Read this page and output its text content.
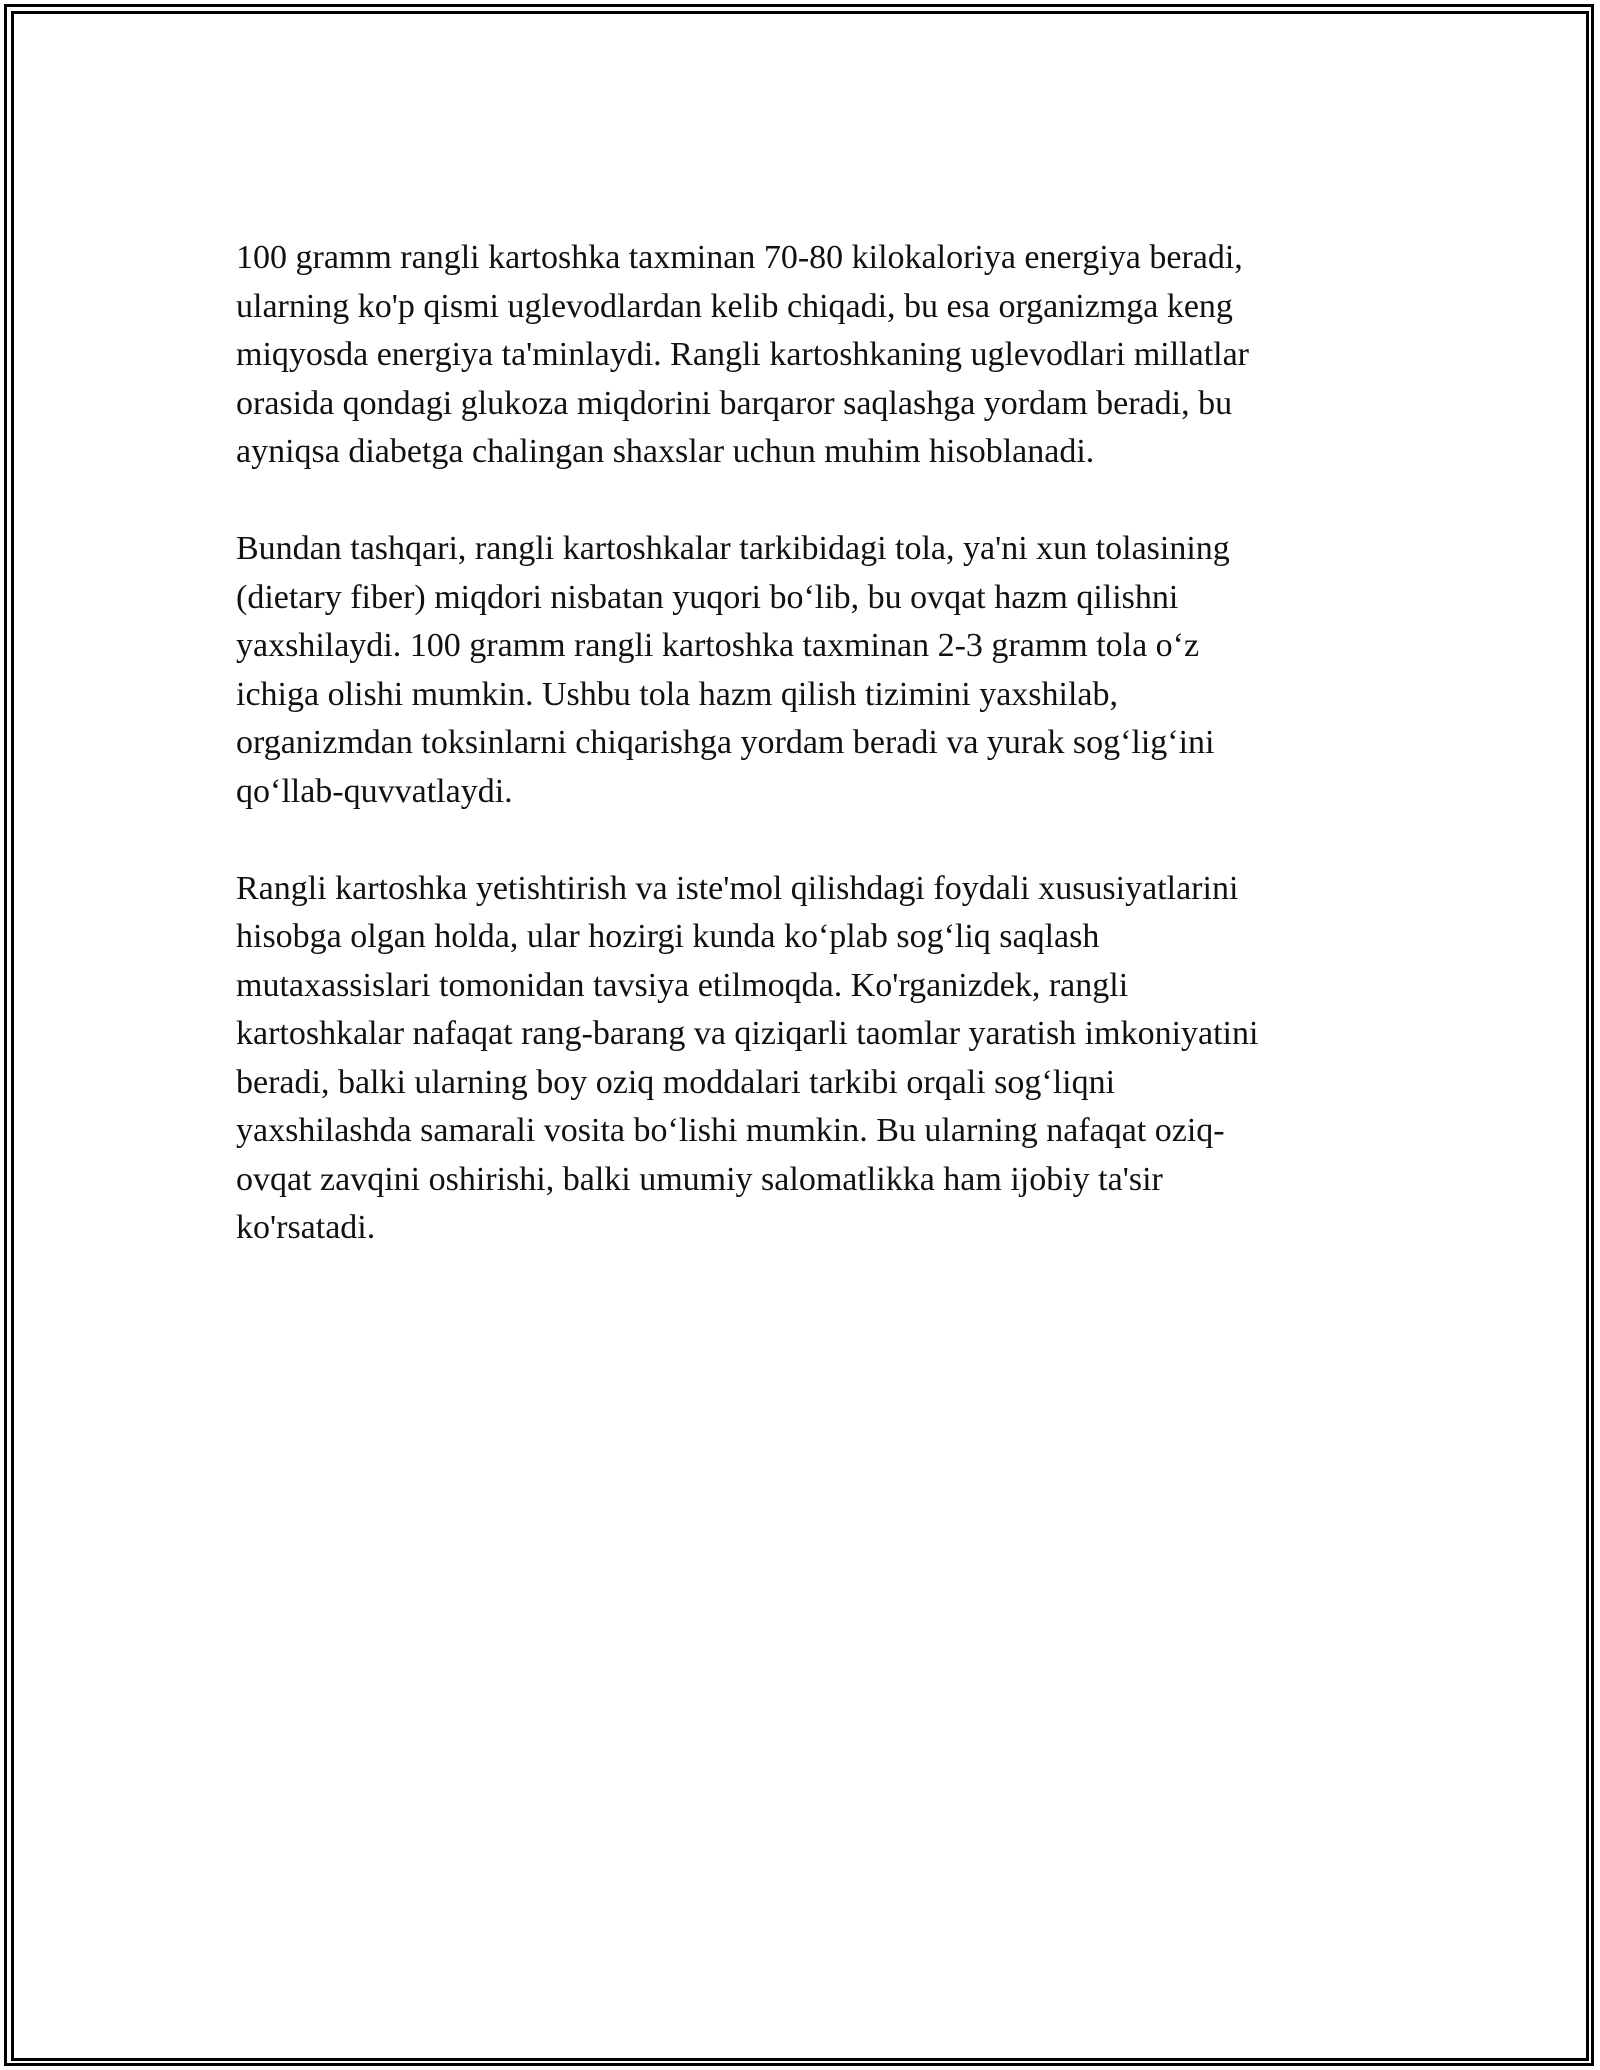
100 gramm rangli kartoshka taxminan 70-80 kilokaloriya energiya beradi,
ularning ko'p qismi uglevodlardan kelib chiqadi, bu esa organizmga keng
miqyosda energiya ta'minlaydi. Rangli kartoshkaning uglevodlari millatlar
orasida qondagi glukoza miqdorini barqaror saqlashga yordam beradi, bu
ayniqsa diabetga chalingan shaxslar uchun muhim hisoblanadi.

Bundan tashqari, rangli kartoshkalar tarkibidagi tola, ya'ni xun tolasining
(dietary fiber) miqdori nisbatan yuqori bo‘lib, bu ovqat hazm qilishni
yaxshilaydi. 100 gramm rangli kartoshka taxminan 2-3 gramm tola o‘z
ichiga olishi mumkin. Ushbu tola hazm qilish tizimini yaxshilab,
organizmdan toksinlarni chiqarishga yordam beradi va yurak sog‘lig‘ini
qo‘llab-quvvatlaydi.

Rangli kartoshka yetishtirish va iste'mol qilishdagi foydali xususiyatlarini
hisobga olgan holda, ular hozirgi kunda ko‘plab sog‘liq saqlash
mutaxassislari tomonidan tavsiya etilmoqda. Ko'rganizdek, rangli
kartoshkalar nafaqat rang-barang va qiziqarli taomlar yaratish imkoniyatini
beradi, balki ularning boy oziq moddalari tarkibi orqali sog‘liqni
yaxshilashda samarali vosita bo‘lishi mumkin. Bu ularning nafaqat oziq-
ovqat zavqini oshirishi, balki umumiy salomatlikka ham ijobiy ta'sir
ko'rsatadi.
